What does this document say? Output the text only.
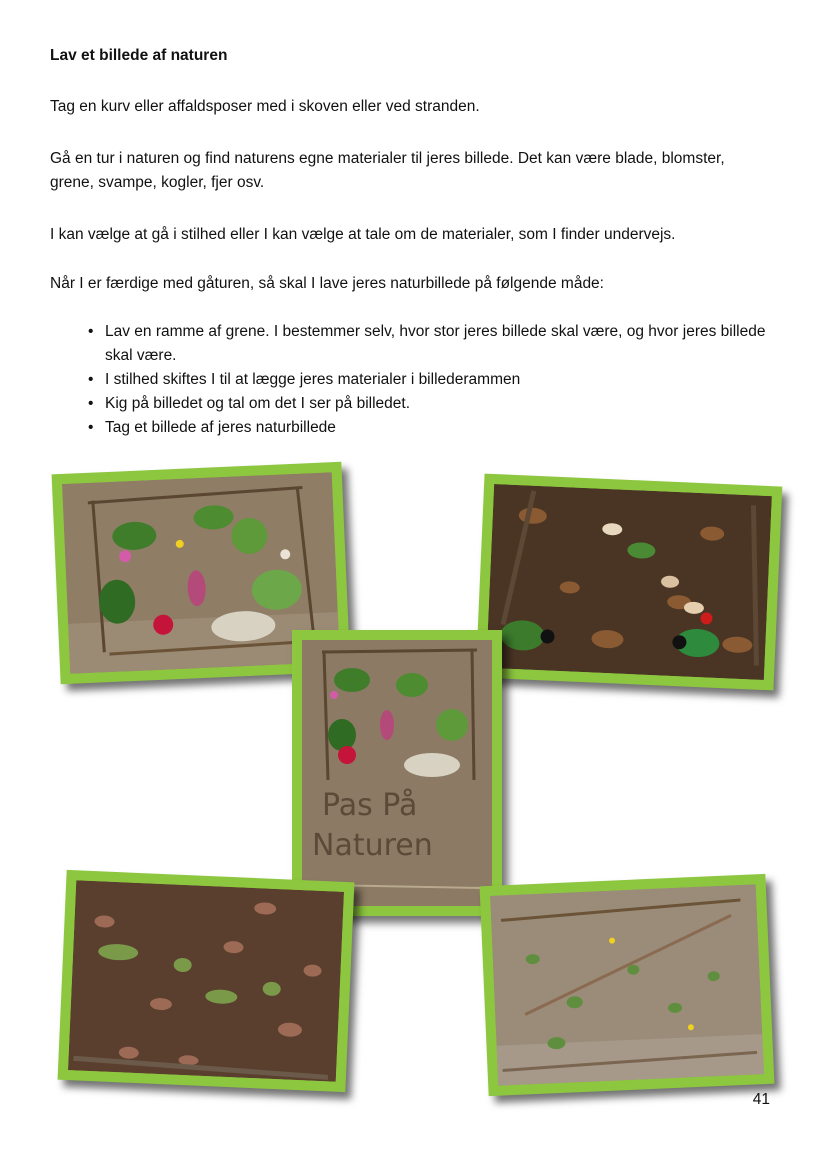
Lav et billede af naturen

Tag en kurv eller affaldsposer med i skoven eller ved stranden.

Gå en tur i naturen og find naturens egne materialer til jeres billede. Det kan være blade, blomster, grene, svampe, kogler, fjer osv.

I kan vælge at gå i stilhed eller I kan vælge at tale om de materialer, som I finder undervejs.

Når I er færdige med gåturen, så skal I lave jeres naturbillede på følgende måde:

• Lav en ramme af grene. I bestemmer selv, hvor stor jeres billede skal være, og hvor jeres billede skal være.
• I stilhed skiftes I til at lægge jeres materialer i billederammen
• Kig på billedet og tal om det I ser på billedet.
• Tag et billede af jeres naturbillede
Pas På
Naturen
41
